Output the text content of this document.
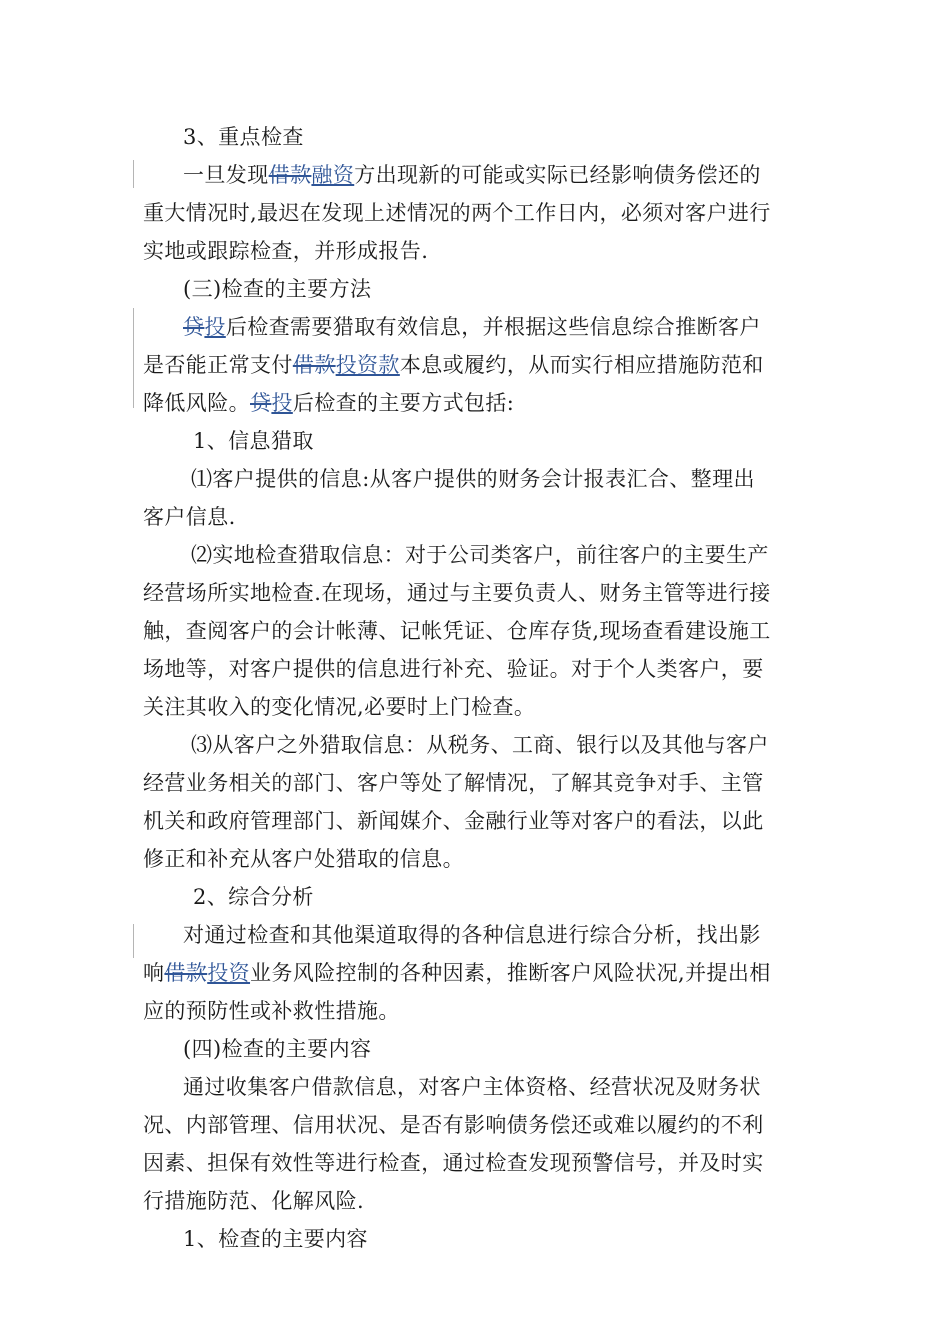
3、重点检查
一旦发现借款融资方出现新的可能或实际已经影响债务偿还的
重大情况时,最迟在发现上述情况的两个工作日内，必须对客户进行
实地或跟踪检查，并形成报告.
(三)检查的主要方法
贷投后检查需要猎取有效信息，并根据这些信息综合推断客户
是否能正常支付借款投资款本息或履约，从而实行相应措施防范和
降低风险。贷投后检查的主要方式包括:
1、信息猎取
⑴客户提供的信息:从客户提供的财务会计报表汇合、整理出
客户信息.
⑵实地检查猎取信息：对于公司类客户，前往客户的主要生产
经营场所实地检查.在现场，通过与主要负责人、财务主管等进行接
触，查阅客户的会计帐薄、记帐凭证、仓库存货,现场查看建设施工
场地等，对客户提供的信息进行补充、验证。对于个人类客户，要
关注其收入的变化情况,必要时上门检查。
⑶从客户之外猎取信息：从税务、工商、银行以及其他与客户
经营业务相关的部门、客户等处了解情况，了解其竞争对手、主管
机关和政府管理部门、新闻媒介、金融行业等对客户的看法，以此
修正和补充从客户处猎取的信息。
2、综合分析
对通过检查和其他渠道取得的各种信息进行综合分析，找出影
响借款投资业务风险控制的各种因素，推断客户风险状况,并提出相
应的预防性或补救性措施。
(四)检查的主要内容
通过收集客户借款信息，对客户主体资格、经营状况及财务状
况、内部管理、信用状况、是否有影响债务偿还或难以履约的不利
因素、担保有效性等进行检查，通过检查发现预警信号，并及时实
行措施防范、化解风险.
1、检查的主要内容
